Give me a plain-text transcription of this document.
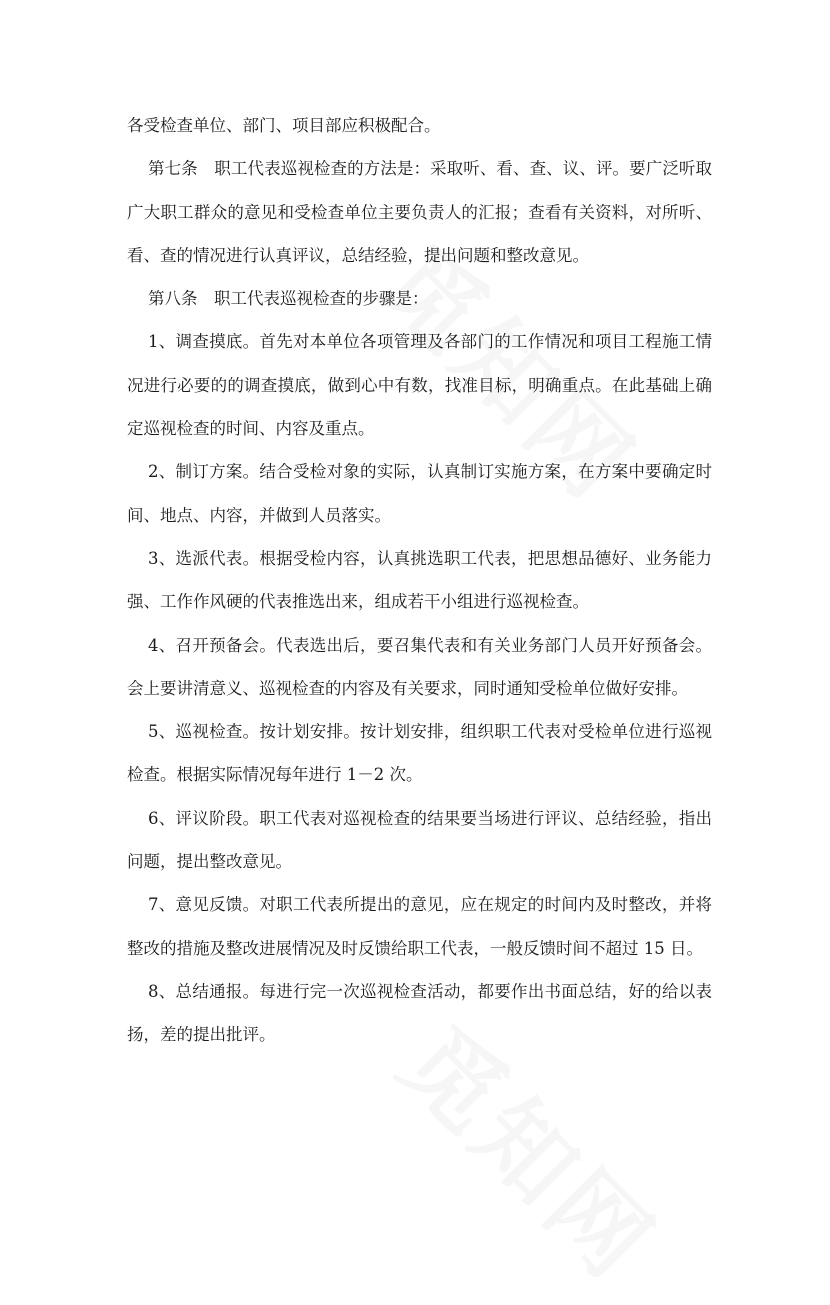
各受检查单位、部门、项目部应积极配合。

第七条　职工代表巡视检查的方法是：采取听、看、查、议、评。要广泛听取广大职工群众的意见和受检查单位主要负责人的汇报；查看有关资料，对所听、看、查的情况进行认真评议，总结经验，提出问题和整改意见。

第八条　职工代表巡视检查的步骤是：

1、调查摸底。首先对本单位各项管理及各部门的工作情况和项目工程施工情况进行必要的的调查摸底，做到心中有数，找准目标，明确重点。在此基础上确定巡视检查的时间、内容及重点。

2、制订方案。结合受检对象的实际，认真制订实施方案，在方案中要确定时间、地点、内容，并做到人员落实。

3、选派代表。根据受检内容，认真挑选职工代表，把思想品德好、业务能力强、工作作风硬的代表推选出来，组成若干小组进行巡视检查。

4、召开预备会。代表选出后，要召集代表和有关业务部门人员开好预备会。会上要讲清意义、巡视检查的内容及有关要求，同时通知受检单位做好安排。

5、巡视检查。按计划安排。按计划安排，组织职工代表对受检单位进行巡视检查。根据实际情况每年进行 1－2 次。

6、评议阶段。职工代表对巡视检查的结果要当场进行评议、总结经验，指出问题，提出整改意见。

7、意见反馈。对职工代表所提出的意见，应在规定的时间内及时整改，并将整改的措施及整改进展情况及时反馈给职工代表，一般反馈时间不超过 15 日。

8、总结通报。每进行完一次巡视检查活动，都要作出书面总结，好的给以表扬，差的提出批评。
